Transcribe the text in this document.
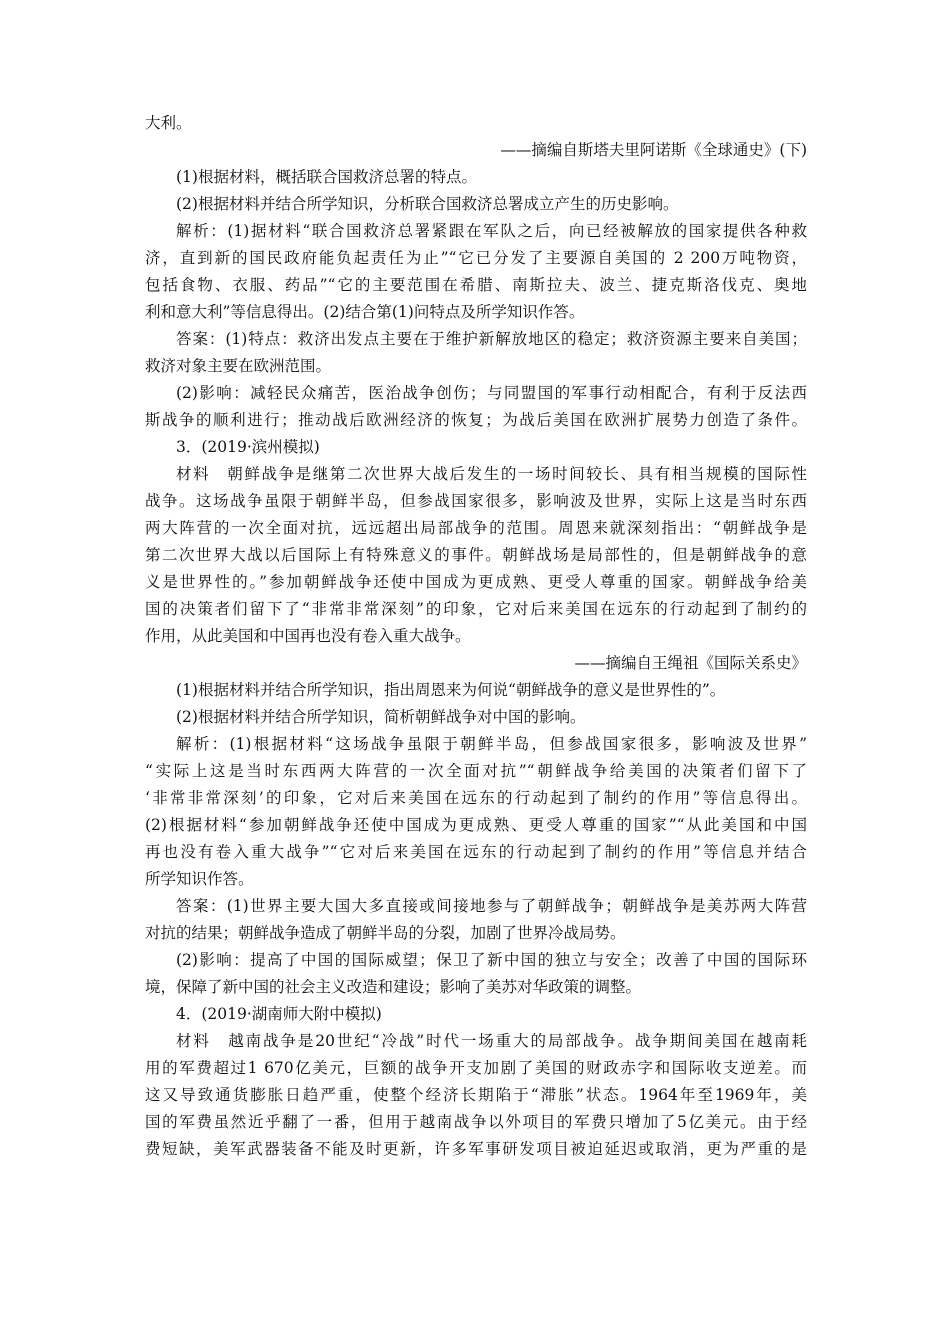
大利。
——摘编自斯塔夫里阿诺斯《全球通史》(下)
(1)根据材料，概括联合国救济总署的特点。
(2)根据材料并结合所学知识，分析联合国救济总署成立产生的历史影响。
解析：(1)据材料“联合国救济总署紧跟在军队之后，向已经被解放的国家提供各种救
济，直到新的国民政府能负起责任为止”“它已分发了主要源自美国的 2 200万吨物资，
包括食物、衣服、药品”“它的主要范围在希腊、南斯拉夫、波兰、捷克斯洛伐克、奥地
利和意大利”等信息得出。(2)结合第(1)问特点及所学知识作答。
答案：(1)特点：救济出发点主要在于维护新解放地区的稳定；救济资源主要来自美国；
救济对象主要在欧洲范围。
(2)影响：减轻民众痛苦，医治战争创伤；与同盟国的军事行动相配合，有利于反法西
斯战争的顺利进行；推动战后欧洲经济的恢复；为战后美国在欧洲扩展势力创造了条件。
3．(2019·滨州模拟)
材料　朝鲜战争是继第二次世界大战后发生的一场时间较长、具有相当规模的国际性
战争。这场战争虽限于朝鲜半岛，但参战国家很多，影响波及世界，实际上这是当时东西
两大阵营的一次全面对抗，远远超出局部战争的范围。周恩来就深刻指出：“朝鲜战争是
第二次世界大战以后国际上有特殊意义的事件。朝鲜战场是局部性的，但是朝鲜战争的意
义是世界性的。”参加朝鲜战争还使中国成为更成熟、更受人尊重的国家。朝鲜战争给美
国的决策者们留下了“非常非常深刻”的印象，它对后来美国在远东的行动起到了制约的
作用，从此美国和中国再也没有卷入重大战争。
——摘编自王绳祖《国际关系史》
(1)根据材料并结合所学知识，指出周恩来为何说“朝鲜战争的意义是世界性的”。
(2)根据材料并结合所学知识，简析朝鲜战争对中国的影响。
解析：(1)根据材料“这场战争虽限于朝鲜半岛，但参战国家很多，影响波及世界”
“实际上这是当时东西两大阵营的一次全面对抗”“朝鲜战争给美国的决策者们留下了
‘非常非常深刻’的印象，它对后来美国在远东的行动起到了制约的作用”等信息得出。
(2)根据材料“参加朝鲜战争还使中国成为更成熟、更受人尊重的国家”“从此美国和中国
再也没有卷入重大战争”“它对后来美国在远东的行动起到了制约的作用”等信息并结合
所学知识作答。
答案：(1)世界主要大国大多直接或间接地参与了朝鲜战争；朝鲜战争是美苏两大阵营
对抗的结果；朝鲜战争造成了朝鲜半岛的分裂，加剧了世界冷战局势。
(2)影响：提高了中国的国际威望；保卫了新中国的独立与安全；改善了中国的国际环
境，保障了新中国的社会主义改造和建设；影响了美苏对华政策的调整。
4．(2019·湖南师大附中模拟)
材料　越南战争是20世纪“冷战”时代一场重大的局部战争。战争期间美国在越南耗
用的军费超过1 670亿美元，巨额的战争开支加剧了美国的财政赤字和国际收支逆差。而
这又导致通货膨胀日趋严重，使整个经济长期陷于“滞胀”状态。1964年至1969年，美
国的军费虽然近乎翻了一番，但用于越南战争以外项目的军费只增加了5亿美元。由于经
费短缺，美军武器装备不能及时更新，许多军事研发项目被迫延迟或取消，更为严重的是
